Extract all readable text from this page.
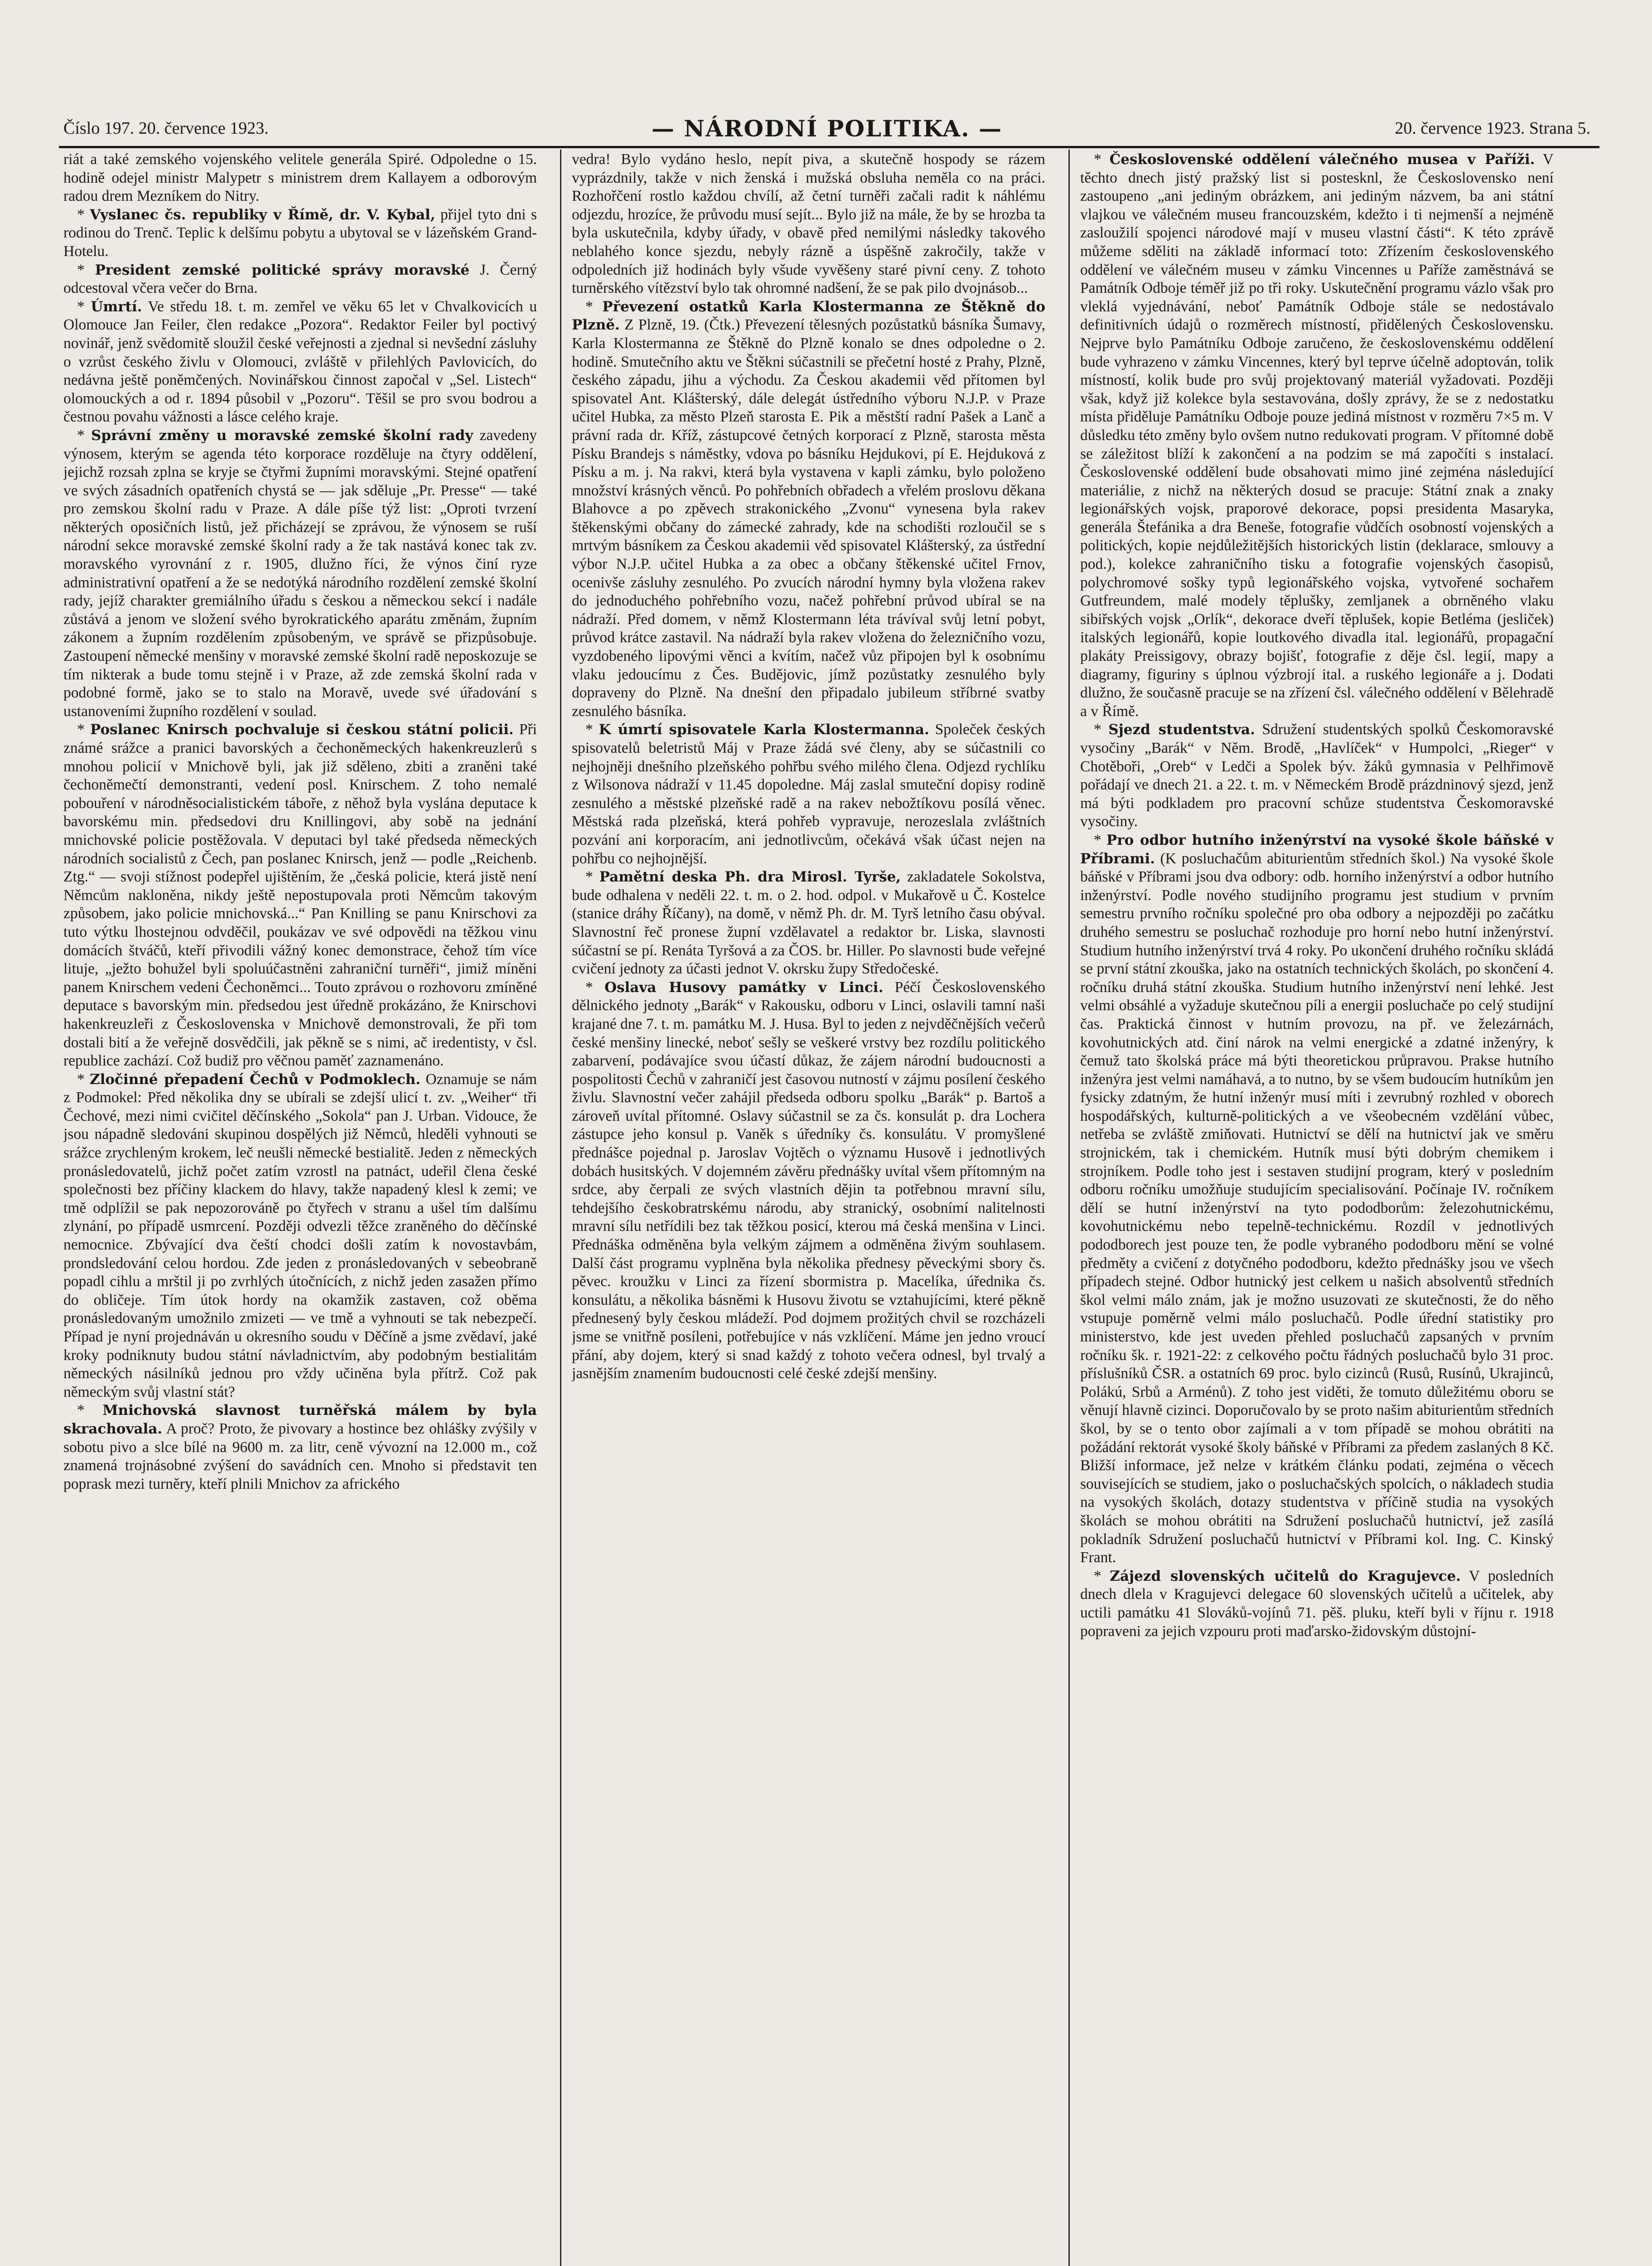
Číslo 197. 20. července 1923.	— NÁRODNÍ POLITIKA. —	20. července 1923. Strana 5.

riát a také zemského vojenského velitele generála Spiré. Odpoledne o 15. hodině odejel ministr Malypetr s ministrem drem Kallayem a odborovým radou drem Mezníkem do Nitry.

* Vyslanec čs. republiky v Římě, dr. V. Kybal, přijel tyto dni s rodinou do Trenč. Teplic k delšímu pobytu a ubytoval se v lázeňském Grand-Hotelu.

* President zemské politické správy moravské J. Černý odcestoval včera večer do Brna.

* Úmrtí. Ve středu 18. t. m. zemřel ve věku 65 let v Chvalkovicích u Olomouce Jan Feiler, člen redakce „Pozora“. Redaktor Feiler byl poctivý novinář, jenž svědomitě sloužil české veřejnosti a zjednal si nevšední zásluhy o vzrůst českého živlu v Olomouci, zvláště v přilehlých Pavlovicích, do nedávna ještě poněmčených. Novinářskou činnost započal v „Sel. Listech“ olomouckých a od r. 1894 působil v „Pozoru“. Těšil se pro svou bodrou a čestnou povahu vážnosti a lásce celého kraje.

* Správní změny u moravské zemské školní rady zavedeny výnosem, kterým se agenda této korporace rozděluje na čtyry oddělení, jejichž rozsah zplna se kryje se čtyřmi župními moravskými. Stejné opatření ve svých zásadních opatřeních chystá se — jak sděluje „Pr. Presse“ — také pro zemskou školní radu v Praze. A dále píše týž list: „Oproti tvrzení některých oposičních listů, jež přicházejí se zprávou, že výnosem se ruší národní sekce moravské zemské školní rady a že tak nastává konec tak zv. moravského vyrovnání z r. 1905, dlužno říci, že výnos činí ryze administrativní opatření a že se nedotýká národního rozdělení zemské školní rady, jejíž charakter gremiálního úřadu s českou a německou sekcí i nadále zůstává a jenom ve složení svého byrokratického aparátu změnám, župním zákonem a župním rozdělením způsobeným, ve správě se přizpůsobuje. Zastoupení německé menšiny v moravské zemské školní radě neposkozuje se tím nikterak a bude tomu stejně i v Praze, až zde zemská školní rada v podobné formě, jako se to stalo na Moravě, uvede své úřadování s ustanoveními župního rozdělení v soulad.

* Poslanec Knirsch pochvaluje si českou státní policii. Při známé srážce a pranici bavorských a čechoněmeckých hakenkreuzlerů s mnohou policií v Mnichově byli, jak již sděleno, zbiti a zraněni také čechoněmečtí demonstranti, vedení posl. Knirschem. Z toho nemalé pobouření v národněsocialistickém táboře, z něhož byla vyslána deputace k bavorskému min. předsedovi dru Knillingovi, aby sobě na jednání mnichovské policie postěžovala. V deputaci byl také předseda německých národních socialistů z Čech, pan poslanec Knirsch, jenž — podle „Reichenb. Ztg.“ — svoji stížnost podepřel ujištěním, že „česká policie, která jistě není Němcům nakloněna, nikdy ještě nepostupovala proti Němcům takovým způsobem, jako policie mnichovská...“ Pan Knilling se panu Knirschovi za tuto výtku lhostejnou odvděčil, poukázav ve své odpovědi na těžkou vinu domácích štváčů, kteří přivodili vážný konec demonstrace, čehož tím více lituje, „ježto bohužel byli spoluúčastněni zahraniční turněři“, jimiž míněni panem Knirschem vedeni Čechoněmci... Touto zprávou o rozhovoru zmíněné deputace s bavorským min. předsedou jest úředně prokázáno, že Knirschovi hakenkreuzleři z Československa v Mnichově demonstrovali, že při tom dostali bití a že veřejně dosvědčili, jak pěkně se s nimi, ač iredentisty, v čsl. republice zachází. Což budiž pro věčnou paměť zaznamenáno.

* Zločinné přepadení Čechů v Podmoklech. Oznamuje se nám z Podmokel: Před několika dny se ubírali se zdejší ulicí t. zv. „Weiher“ tři Čechové, mezi nimi cvičitel děčínského „Sokola“ pan J. Urban. Vidouce, že jsou nápadně sledováni skupinou dospělých již Němců, hleděli vyhnouti se srážce zrychleným krokem, leč neušli německé bestialitě. Jeden z německých pronásledovatelů, jichž počet zatím vzrostl na patnáct, udeřil člena české společnosti bez příčiny klackem do hlavy, takže napadený klesl k zemi; ve tmě odplížil se pak nepozorováně po čtyřech v stranu a ušel tím dalšímu zlynání, po případě usmrcení. Později odvezli těžce zraněného do děčínské nemocnice. Zbývající dva čeští chodci došli zatím k novostavbám, prondsledování celou hordou. Zde jeden z pronásledovaných v sebeobraně popadl cihlu a mrštil ji po zvrhlých útočnících, z nichž jeden zasažen přímo do obličeje. Tím útok hordy na okamžik zastaven, což oběma pronásledovaným umožnilo zmizeti — ve tmě a vyhnouti se tak nebezpečí. Případ je nyní projednáván u okresního soudu v Děčíně a jsme zvědaví, jaké kroky podniknuty budou státní návladnictvím, aby podobným bestialitám německých násilníků jednou pro vždy učiněna byla přítrž. Což pak německým svůj vlastní stát?

* Mnichovská slavnost turněřská málem by byla skrachovala. A proč? Proto, že pivovary a hostince bez ohlášky zvýšily v sobotu pivo a slce bílé na 9600 m. za litr, ceně vývozní na 12.000 m., což znamená trojnásobné zvýšení do savádních cen. Mnoho si představit ten poprask mezi turněry, kteří plnili Mnichov za afrického

vedra! Bylo vydáno heslo, nepít piva, a skutečně hospody se rázem vyprázdnily, takže v nich ženská i mužská obsluha neměla co na práci. Rozhořčení rostlo každou chvílí, až četní turněři začali radit k náhlému odjezdu, hrozíce, že průvodu musí sejít... Bylo již na mále, že by se hrozba ta byla uskutečnila, kdyby úřady, v obavě před nemilými následky takového neblahého konce sjezdu, nebyly rázně a úspěšně zakročily, takže v odpoledních již hodinách byly všude vyvěšeny staré pivní ceny. Z tohoto turněrského vítězství bylo tak ohromné nadšení, že se pak pilo dvojnásob...

* Převezení ostatků Karla Klostermanna ze Štěkně do Plzně. Z Plzně, 19. (Čtk.) Převezení tělesných pozůstatků básníka Šumavy, Karla Klostermanna ze Štěkně do Plzně konalo se dnes odpoledne o 2. hodině. Smutečního aktu ve Štěkni súčastnili se přečetní hosté z Prahy, Plzně, českého západu, jihu a východu. Za Českou akademii věd přítomen byl spisovatel Ant. Klášterský, dále delegát ústředního výboru N.J.P. v Praze učitel Hubka, za město Plzeň starosta E. Pik a městští radní Pašek a Lanč a právní rada dr. Kříž, zástupcové četných korporací z Plzně, starosta města Písku Brandejs s náměstky, vdova po básníku Hejdukovi, pí E. Hejduková z Písku a m. j. Na rakvi, která byla vystavena v kapli zámku, bylo položeno množství krásných věnců. Po pohřebních obřadech a vřelém proslovu děkana Blahovce a po zpěvech strakonického „Zvonu“ vynesena byla rakev štěkenskými občany do zámecké zahrady, kde na schodišti rozloučil se s mrtvým básníkem za Českou akademii věd spisovatel Klášterský, za ústřední výbor N.J.P. učitel Hubka a za obec a občany štěkenské učitel Frnov, ocenivše zásluhy zesnulého. Po zvucích národní hymny byla vložena rakev do jednoduchého pohřebního vozu, načež pohřební průvod ubíral se na nádraží. Před domem, v němž Klostermann léta trávíval svůj letní pobyt, průvod krátce zastavil. Na nádraží byla rakev vložena do železničního vozu, vyzdobeného lipovými věnci a kvítím, načež vůz připojen byl k osobnímu vlaku jedoucímu z Čes. Budějovic, jímž pozůstatky zesnulého byly dopraveny do Plzně. Na dnešní den připadalo jubileum stříbrné svatby zesnulého básníka.

* K úmrtí spisovatele Karla Klostermanna. Společek českých spisovatelů beletristů Máj v Praze žádá své členy, aby se súčastnili co nejhojněji dnešního plzeňského pohřbu svého milého člena. Odjezd rychlíku z Wilsonova nádraží v 11.45 dopoledne. Máj zaslal smuteční dopisy rodině zesnulého a městské plzeňské radě a na rakev nebožtíkovu posílá věnec. Městská rada plzeňská, která pohřeb vypravuje, nerozeslala zvláštních pozvání ani korporacím, ani jednotlivcům, očekává však účast nejen na pohřbu co nejhojnější.

* Pamětní deska Ph. dra Mirosl. Tyrše, zakladatele Sokolstva, bude odhalena v neděli 22. t. m. o 2. hod. odpol. v Mukařově u Č. Kostelce (stanice dráhy Říčany), na domě, v němž Ph. dr. M. Tyrš letního času obýval. Slavnostní řeč pronese župní vzdělavatel a redaktor br. Liska, slavnosti súčastní se pí. Renáta Tyršová a za ČOS. br. Hiller. Po slavnosti bude veřejné cvičení jednoty za účasti jednot V. okrsku župy Středočeské.

* Oslava Husovy památky v Linci. Péčí Československého dělnického jednoty „Barák“ v Rakousku, odboru v Linci, oslavili tamní naši krajané dne 7. t. m. památku M. J. Husa. Byl to jeden z nejvděčnějších večerů české menšiny linecké, neboť sešly se veškeré vrstvy bez rozdílu politického zabarvení, podávajíce svou účastí důkaz, že zájem národní budoucnosti a pospolitosti Čechů v zahraničí jest časovou nutností v zájmu posílení českého živlu. Slavnostní večer zahájil předseda odboru spolku „Barák“ p. Bartoš a zároveň uvítal přítomné. Oslavy súčastnil se za čs. konsulát p. dra Lochera zástupce jeho konsul p. Vaněk s úředníky čs. konsulátu. V promyšlené přednášce pojednal p. Jaroslav Vojtěch o významu Husově i jednotlivých dobách husitských. V dojemném závěru přednášky uvítal všem přítomným na srdce, aby čerpali ze svých vlastních dějin ta potřebnou mravní sílu, tehdejšího českobratrskému národu, aby stranický, osobnímí nalitelnosti mravní sílu netřídili bez tak těžkou posicí, kterou má česká menšina v Linci. Přednáška odměněna byla velkým zájmem a odměněna živým souhlasem. Další část programu vyplněna byla několika přednesy pěveckými sbory čs. pěvec. kroužku v Linci za řízení sbormistra p. Macelíka, úřednika čs. konsulátu, a několika básněmi k Husovu životu se vztahujícími, které pěkně přednesený byly českou mládeží. Pod dojmem prožitých chvil se rozcházeli jsme se vnitřně posíleni, potřebujíce v nás vzklíčení. Máme jen jedno vroucí přání, aby dojem, který si snad každý z tohoto večera odnesl, byl trvalý a jasnějším znamením budoucnosti celé české zdejší menšiny.

* Československé oddělení válečného musea v Paříži. V těchto dnech jistý pražský list si postesknl, že Československo není zastoupeno „ani jediným obrázkem, ani jediným názvem, ba ani státní vlajkou ve válečném museu francouzském, kdežto i ti nejmenší a nejméně zasloužilí spojenci národové mají v museu vlastní části“. K této zprávě můžeme sděliti na základě informací toto: Zřízením československého oddělení ve válečném museu v zámku Vincennes u Paříže zaměstnává se Památník Odboje téměř již po tři roky. Uskutečnění programu vázlo však pro vleklá vyjednávání, neboť Památník Odboje stále se nedostávalo definitivních údajů o rozměrech místností, přidělených Československu. Nejprve bylo Památníku Odboje zaručeno, že československému oddělení bude vyhrazeno v zámku Vincennes, který byl teprve účelně adoptován, tolik místností, kolik bude pro svůj projektovaný materiál vyžadovati. Později však, když již kolekce byla sestavována, došly zprávy, že se z nedostatku místa přiděluje Památníku Odboje pouze jediná místnost v rozměru 7×5 m. V důsledku této změny bylo ovšem nutno redukovati program. V přítomné době se záležitost blíží k zakončení a na podzim se má započíti s instalací. Československé oddělení bude obsahovati mimo jiné zejména následující materiálie, z nichž na některých dosud se pracuje: Státní znak a znaky legionářských vojsk, praporové dekorace, popsi presidenta Masaryka, generála Štefánika a dra Beneše, fotografie vůdčích osobností vojenských a politických, kopie nejdůležitějších historických listin (deklarace, smlouvy a pod.), kolekce zahraničního tisku a fotografie vojenských časopisů, polychromové sošky typů legionářského vojska, vytvořené sochařem Gutfreundem, malé modely těplušky, zemljanek a obrněného vlaku sibiřských vojsk „Orlík“, dekorace dveří těplušek, kopie Betléma (jesliček) italských legionářů, kopie loutkového divadla ital. legionářů, propagační plakáty Preissigovy, obrazy bojišť, fotografie z děje čsl. legií, mapy a diagramy, figuriny s úplnou výzbrojí ital. a ruského legionáře a j. Dodati dlužno, že současně pracuje se na zřízení čsl. válečného oddělení v Bělehradě a v Římě.

* Sjezd studentstva. Sdružení studentských spolků Českomoravské vysočiny „Barák“ v Něm. Brodě, „Havlíček“ v Humpolci, „Rieger“ v Chotěboři, „Oreb“ v Ledči a Spolek býv. žáků gymnasia v Pelhřimově pořádají ve dnech 21. a 22. t. m. v Německém Brodě prázdninový sjezd, jenž má býti podkladem pro pracovní schůze studentstva Českomoravské vysočiny.

* Pro odbor hutního inženýrství na vysoké škole báňské v Příbrami. (K posluchačům abiturientům středních škol.) Na vysoké škole báňské v Příbrami jsou dva odbory: odb. horního inženýrství a odbor hutního inženýrství. Podle nového studijního programu jest studium v prvním semestru prvního ročníku společné pro oba odbory a nejpozději po začátku druhého semestru se posluchač rozhoduje pro horní nebo hutní inženýrství. Studium hutního inženýrství trvá 4 roky. Po ukončení druhého ročníku skládá se první státní zkouška, jako na ostatních technických školách, po skončení 4. ročníku druhá státní zkouška. Studium hutního inženýrství není lehké. Jest velmi obsáhlé a vyžaduje skutečnou píli a energii posluchače po celý studijní čas. Praktická činnost v hutním provozu, na př. ve železárnách, kovohutnických atd. činí nárok na velmi energické a zdatné inženýry, k čemuž tato školská práce má býti theoretickou průpravou. Prakse hutního inženýra jest velmi namáhavá, a to nutno, by se všem budoucím hutníkům jen fysicky zdatným, že hutní inženýr musí míti i zevrubný rozhled v oborech hospodářských, kulturně-politických a ve všeobecném vzdělání vůbec, netřeba se zvláště zmiňovati. Hutnictví se dělí na hutnictví jak ve směru strojnickém, tak i chemickém. Hutník musí býti dobrým chemikem i strojníkem. Podle toho jest i sestaven studijní program, který v posledním odboru ročníku umožňuje studujícím specialisování. Počínaje IV. ročníkem dělí se hutní inženýrství na tyto pododborům: železohutnickému, kovohutnickému nebo tepelně-technickému. Rozdíl v jednotlivých pododborech jest pouze ten, že podle vybraného pododboru mění se volné předměty a cvičení z dotyčného pododboru, kdežto přednášky jsou ve všech případech stejné. Odbor hutnický jest celkem u našich absolventů středních škol velmi málo znám, jak je možno usuzovati ze skutečnosti, že do něho vstupuje poměrně velmi málo posluchačů. Podle úřední statistiky pro ministerstvo, kde jest uveden přehled posluchačů zapsaných v prvním ročníku šk. r. 1921-22: z celkového počtu řádných posluchačů bylo 31 proc. příslušníků ČSR. a ostatních 69 proc. bylo cizinců (Rusů, Rusínů, Ukrajinců, Polákú, Srbů a Arménů). Z toho jest viděti, že tomuto důležitému oboru se věnují hlavně cizinci. Doporučovalo by se proto našim abiturientům středních škol, by se o tento obor zajímali a v tom případě se mohou obrátiti na požádání rektorát vysoké školy báňské v Příbrami za předem zaslaných 8 Kč. Bližší informace, jež nelze v krátkém článku podati, zejména o věcech souvisejících se studiem, jako o posluchačských spolcích, o nákladech studia na vysokých školách, dotazy studentstva v příčině studia na vysokých školách se mohou obrátiti na Sdružení posluchačů hutnictví, jež zasílá pokladník Sdružení posluchačů hutnictví v Příbrami kol. Ing. C. Kinský Frant.

* Zájezd slovenských učitelů do Kragujevce. V posledních dnech dlela v Kragujevci delegace 60 slovenských učitelů a učitelek, aby uctili památku 41 Slováků-vojínů 71. pěš. pluku, kteří byli v říjnu r. 1918 popraveni za jejich vzpouru proti maďarsko-židovským důstojní-
